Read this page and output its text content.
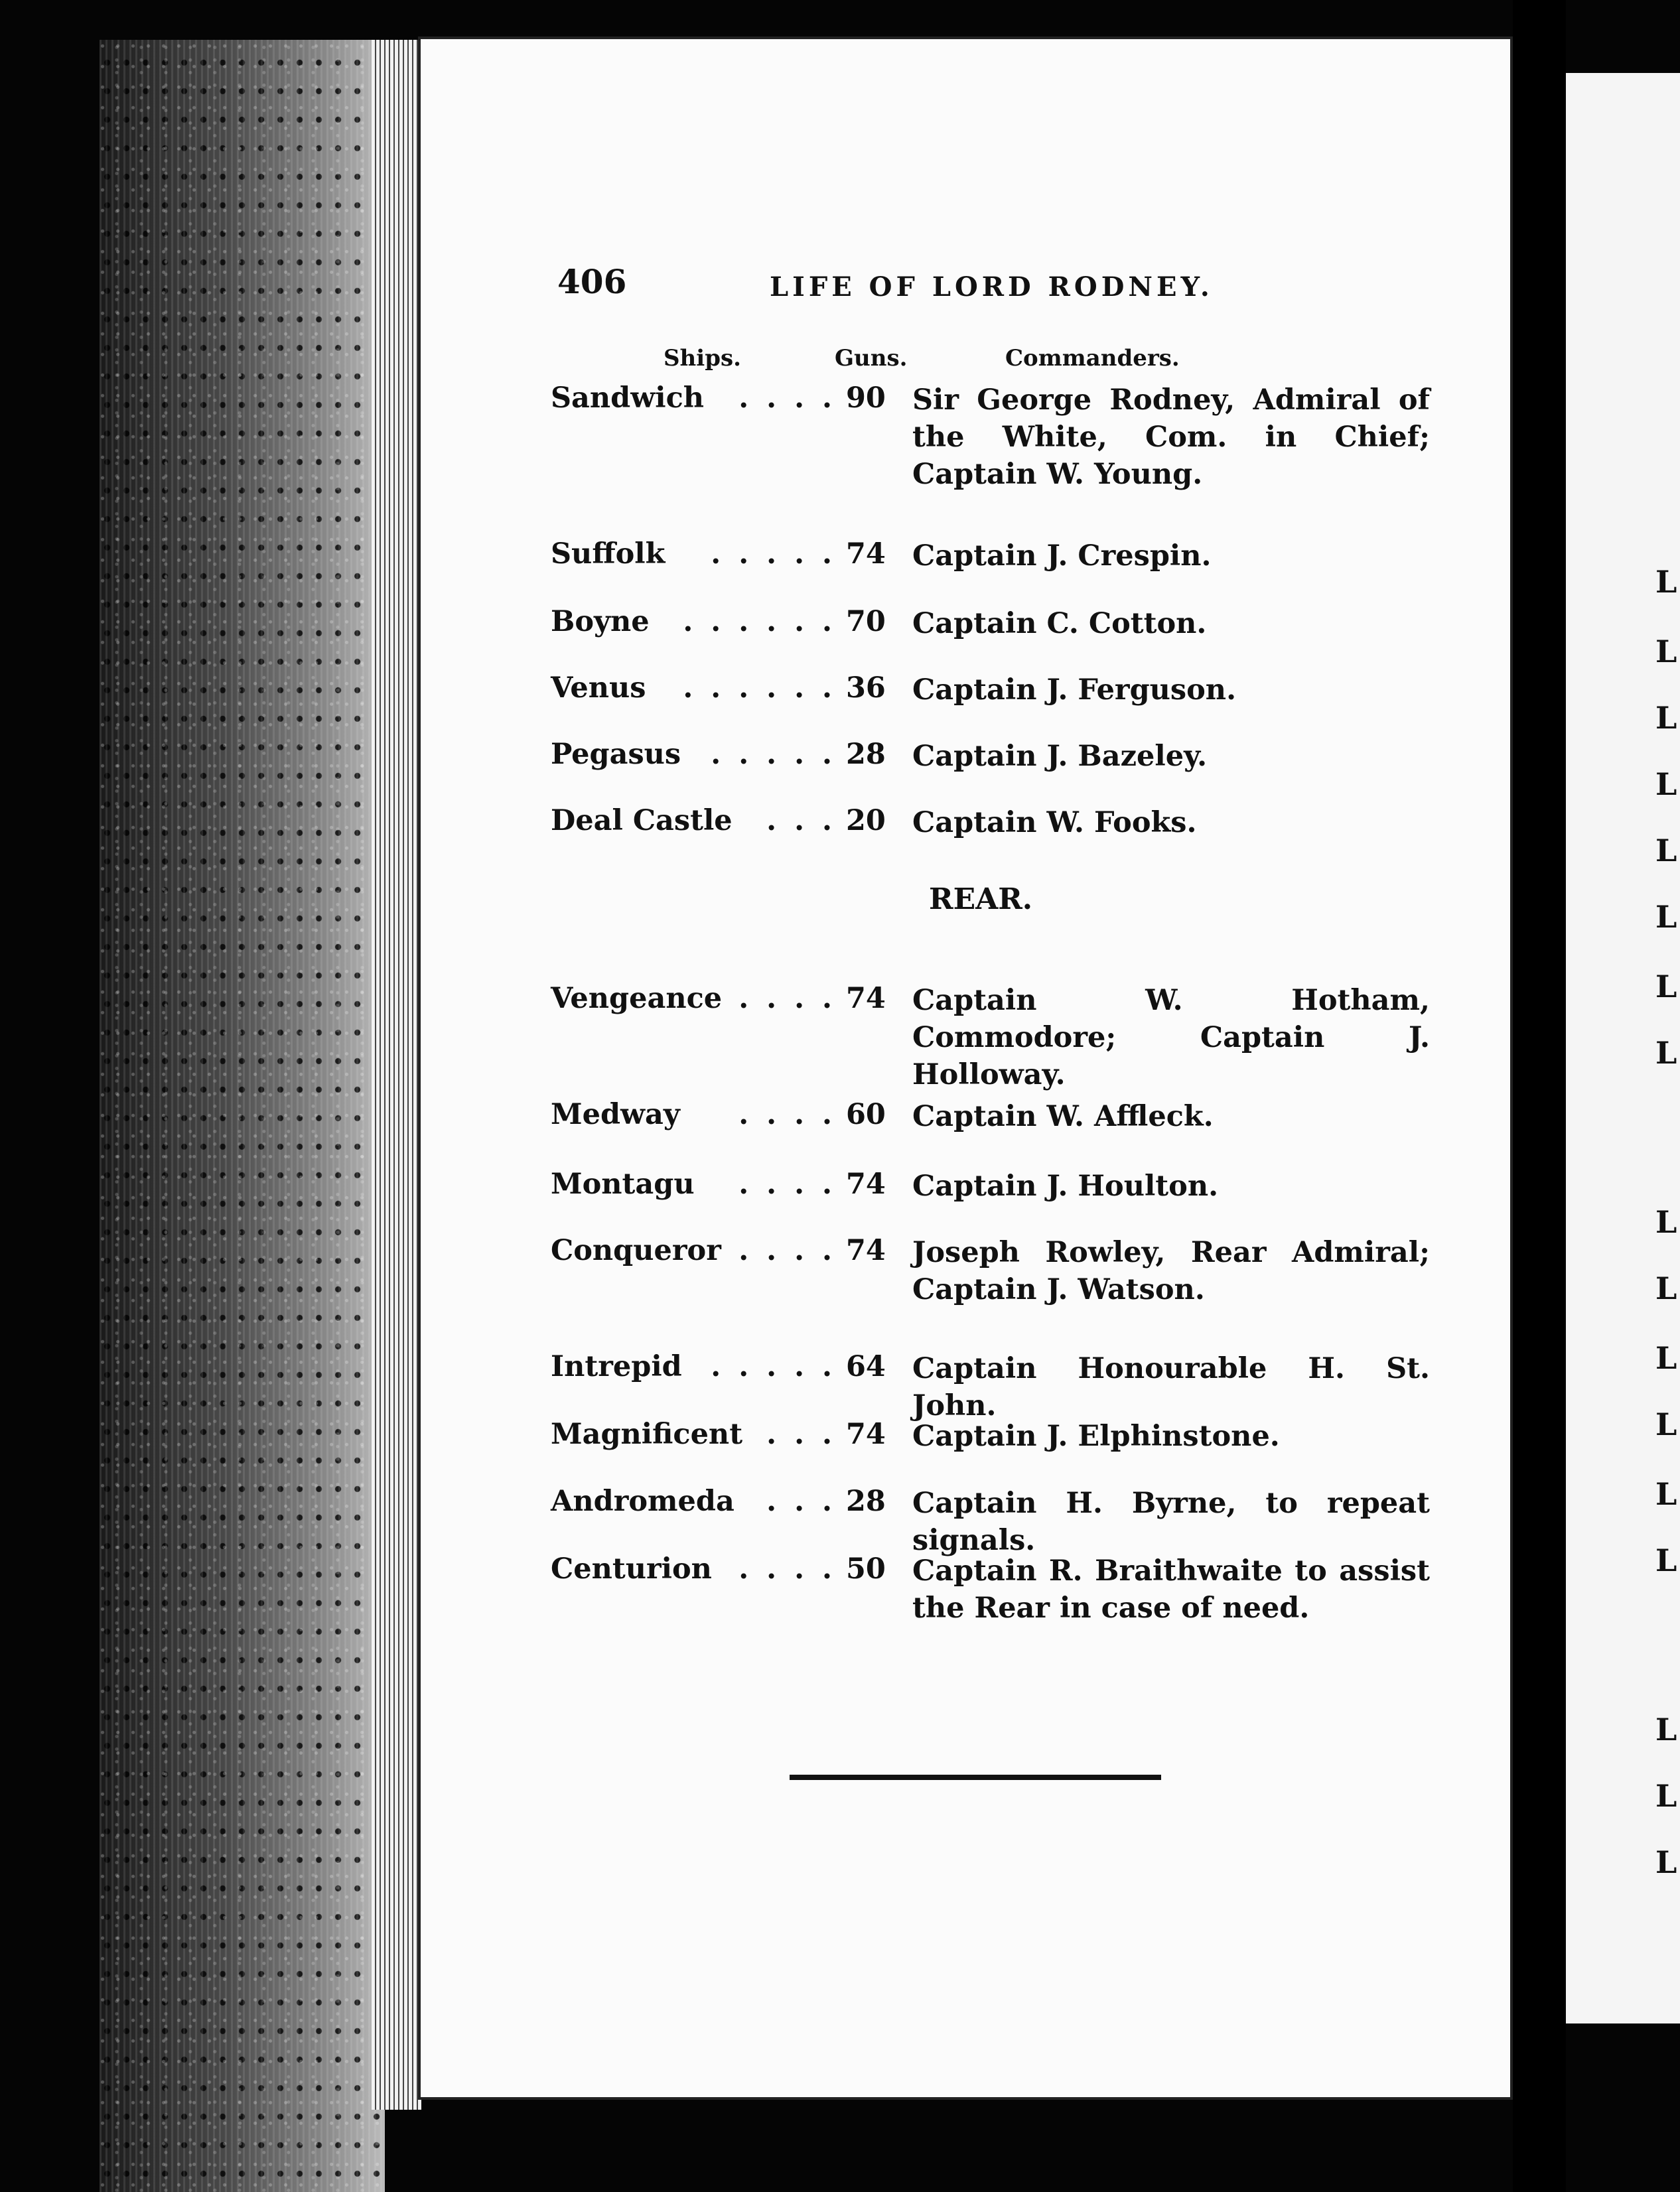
406	LIFE OF LORD RODNEY.
Ships.	Guns.	Commanders.
Sandwich	. . . . 90 Sir George Rodney, Admiral of the White, Com. in Chief; Captain W. Young.
Suffolk	. . . . . 74 Captain J. Crespin.
Boyne	. . . . . . 70 Captain C. Cotton.
Venus	. . . . . . 36 Captain J. Ferguson.
Pegasus	. . . . . 28 Captain J. Bazeley.
Deal Castle	. . . 20 Captain W. Fooks.
REAR.
Vengeance . . . . 74 Captain W. Hotham, Commodore; Captain J. Holloway.
Medway	. . . . 60 Captain W. Affleck.
Montagu	. . . . 74 Captain J. Houlton.
Conqueror . . . . 74 Joseph Rowley, Rear Admiral; Captain J. Watson.
Intrepid	. . . . . 64 Captain Honourable H. St. John.
Magnificent . . . 74 Captain J. Elphinstone.
Andromeda	. . . 28 Captain H. Byrne, to repeat signals.
Centurion . . . . 50 Captain R. Braithwaite to assist the Rear in case of need.
L
L
L
L
L
L
L
L
L
L
L
L
L
L
L
L
L
